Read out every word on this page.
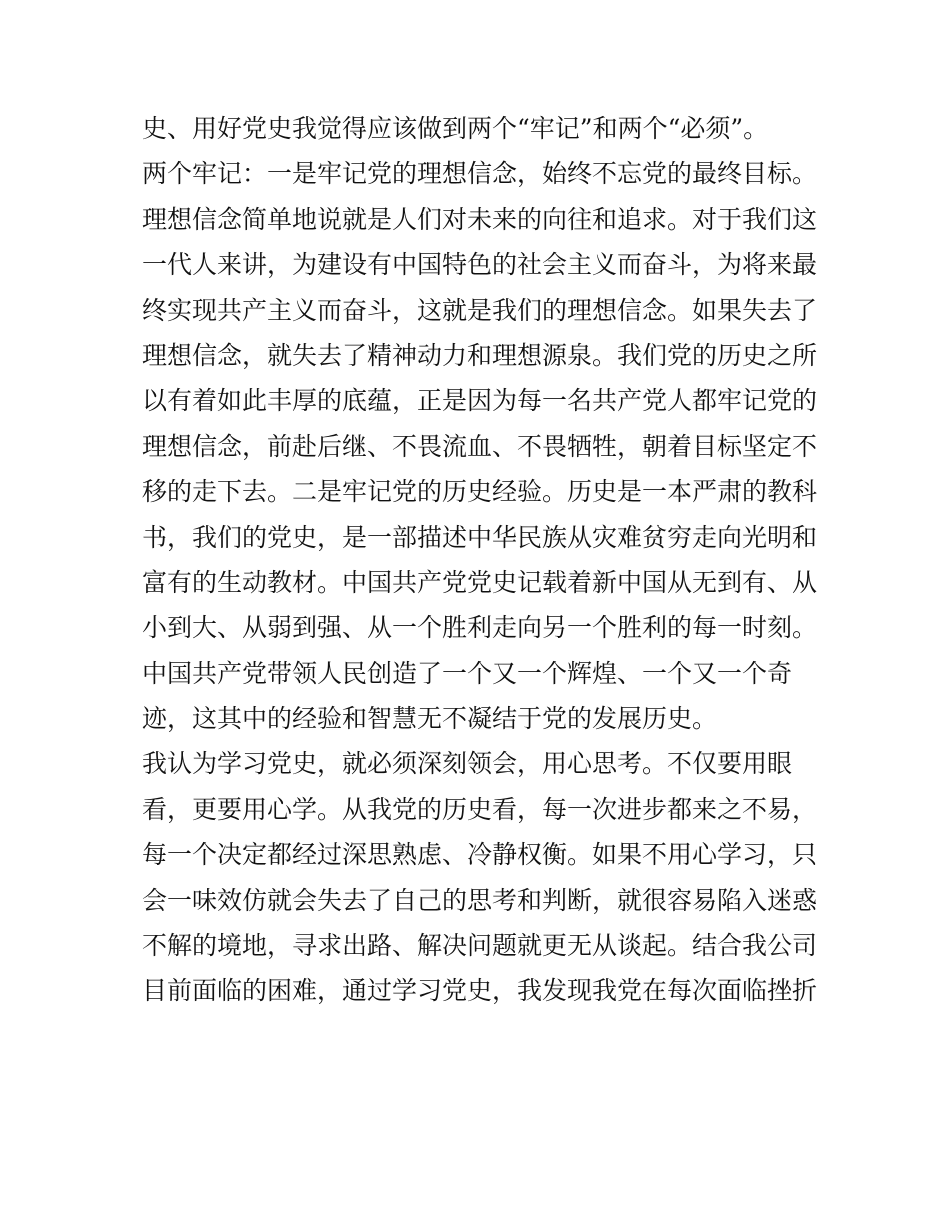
史、用好党史我觉得应该做到两个“牢记”和两个“必须”。
两个牢记：一是牢记党的理想信念，始终不忘党的最终目标。
理想信念简单地说就是人们对未来的向往和追求。对于我们这
一代人来讲，为建设有中国特色的社会主义而奋斗，为将来最
终实现共产主义而奋斗，这就是我们的理想信念。如果失去了
理想信念，就失去了精神动力和理想源泉。我们党的历史之所
以有着如此丰厚的底蕴，正是因为每一名共产党人都牢记党的
理想信念，前赴后继、不畏流血、不畏牺牲，朝着目标坚定不
移的走下去。二是牢记党的历史经验。历史是一本严肃的教科
书，我们的党史，是一部描述中华民族从灾难贫穷走向光明和
富有的生动教材。中国共产党党史记载着新中国从无到有、从
小到大、从弱到强、从一个胜利走向另一个胜利的每一时刻。
中国共产党带领人民创造了一个又一个辉煌、一个又一个奇
迹，这其中的经验和智慧无不凝结于党的发展历史。
我认为学习党史，就必须深刻领会，用心思考。不仅要用眼
看，更要用心学。从我党的历史看，每一次进步都来之不易，
每一个决定都经过深思熟虑、冷静权衡。如果不用心学习，只
会一味效仿就会失去了自己的思考和判断，就很容易陷入迷惑
不解的境地，寻求出路、解决问题就更无从谈起。结合我公司
目前面临的困难，通过学习党史，我发现我党在每次面临挫折
